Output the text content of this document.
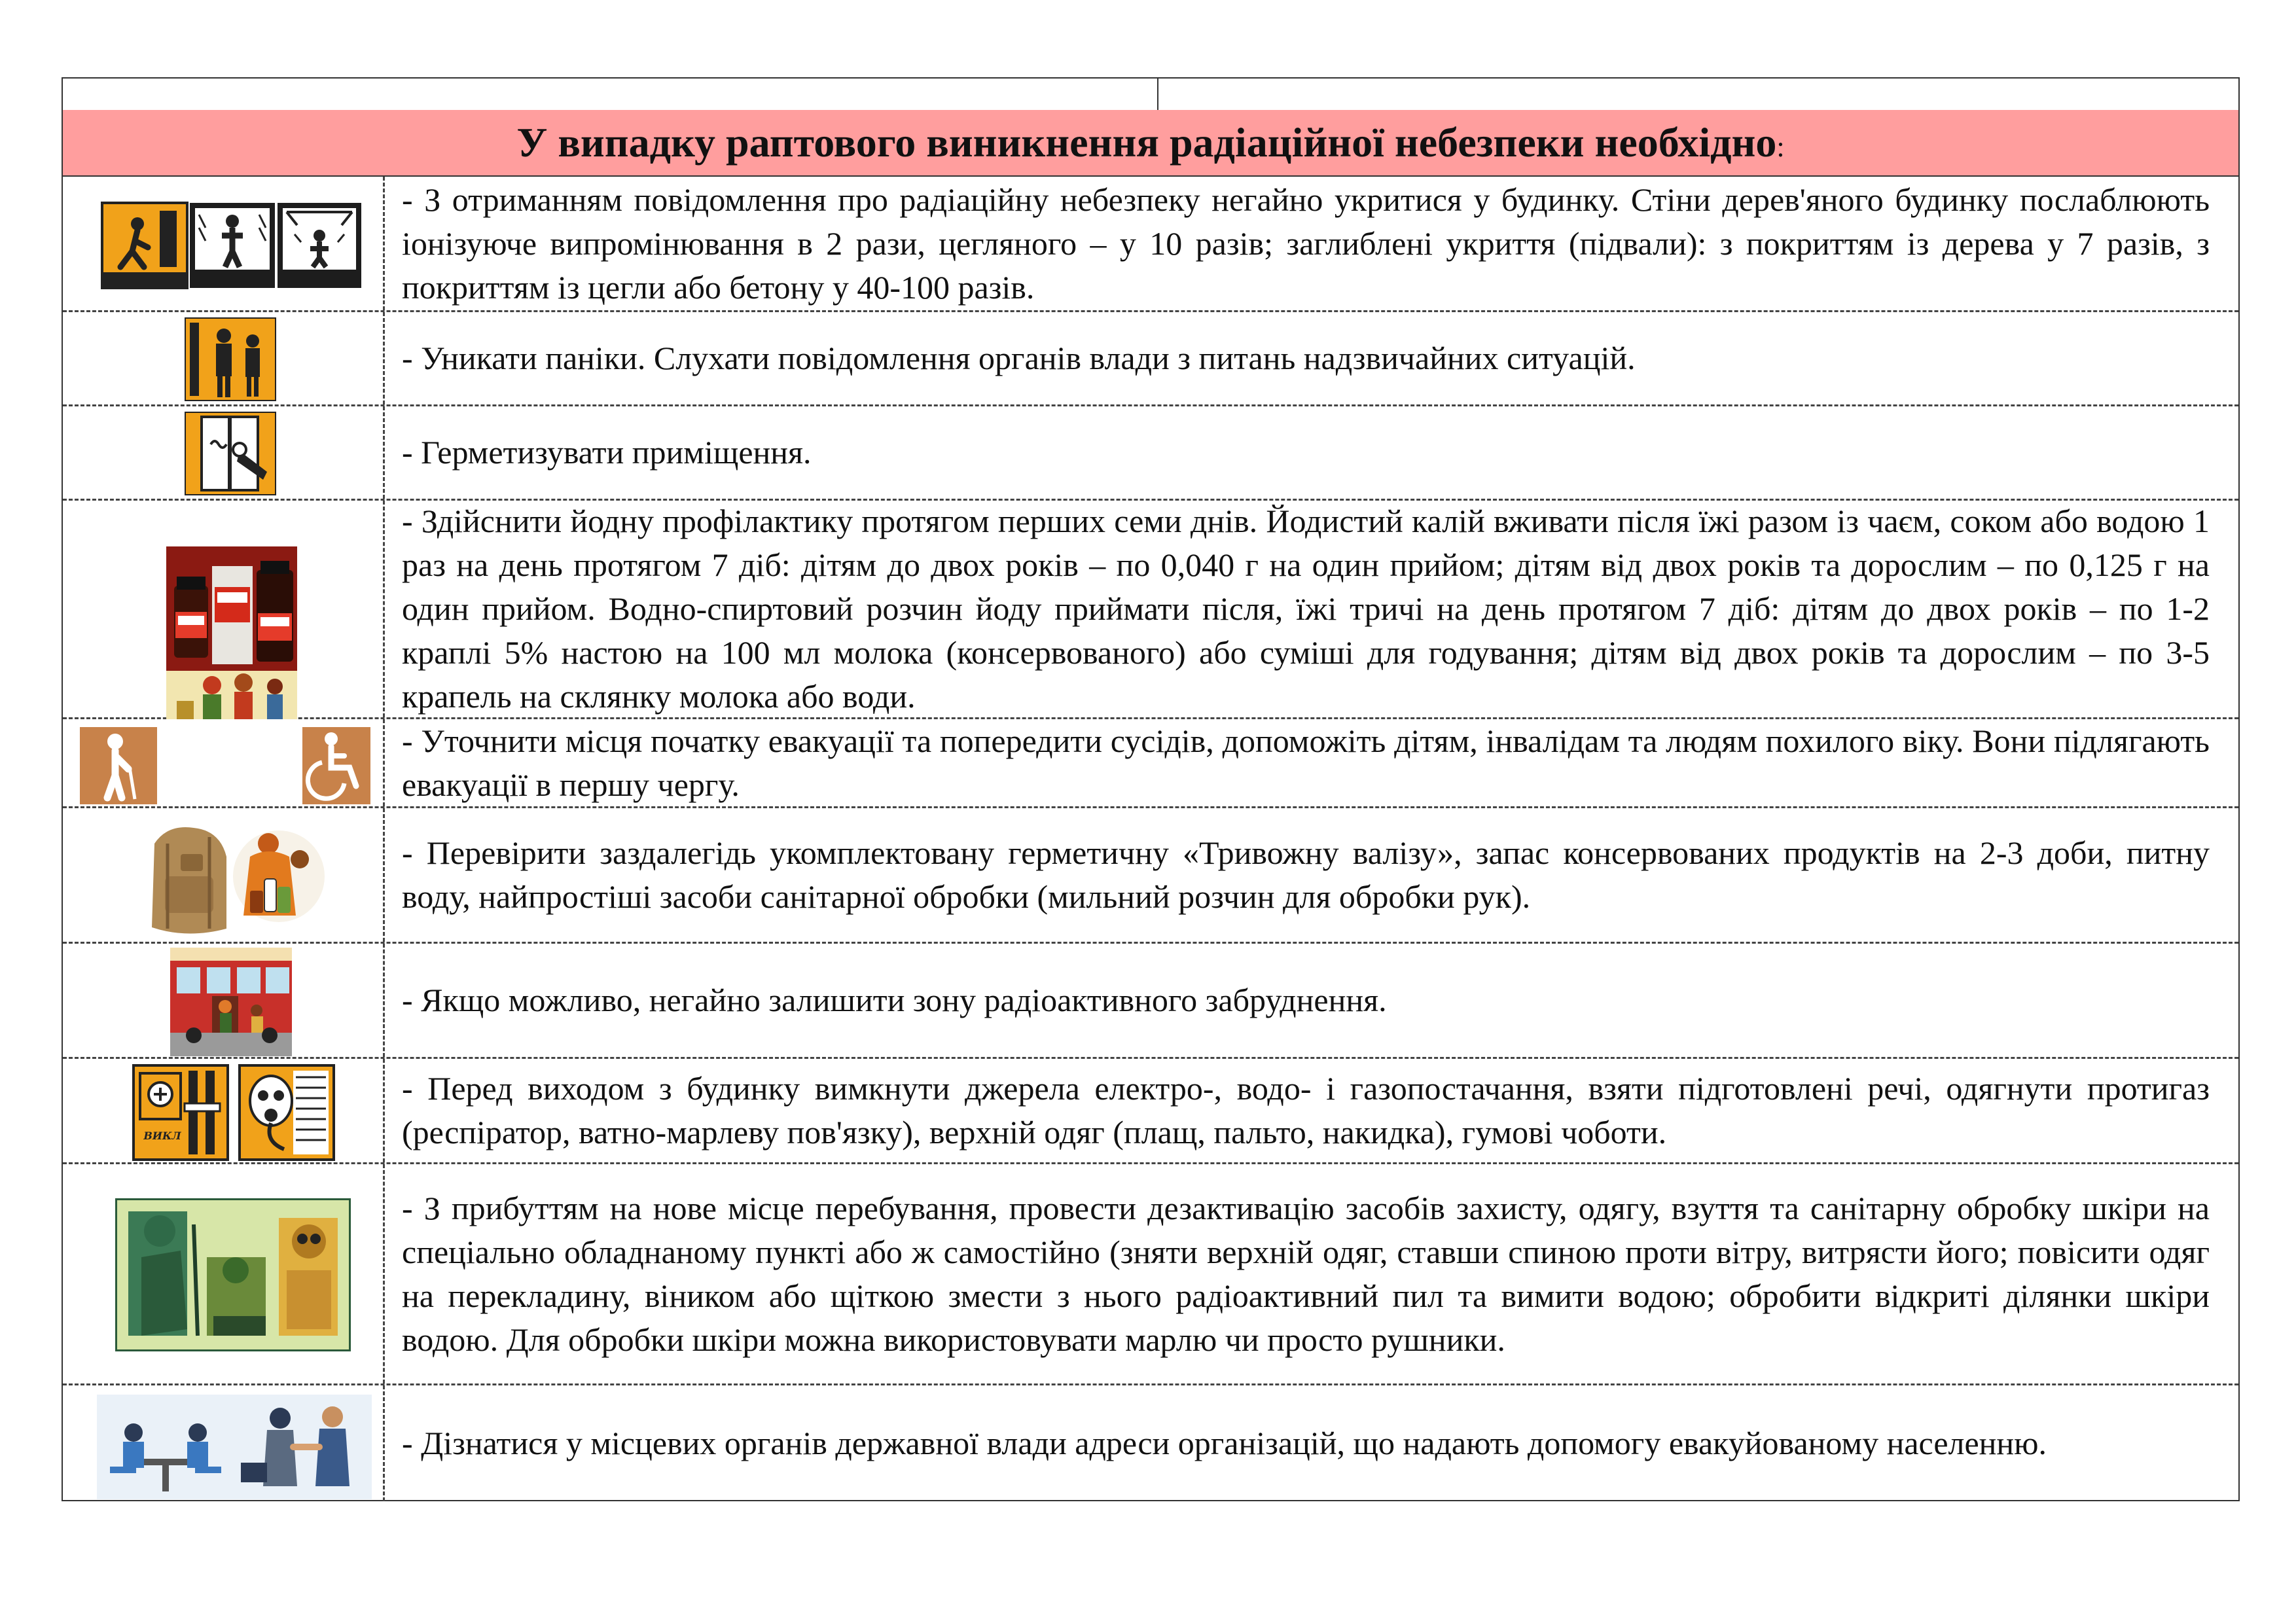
У випадку раптового виникнення радіаційної небезпеки необхідно:
- З отриманням повідомлення про радіаційну небезпеку негайно укритися у будинку. Стіни дерев'яного будинку послаблюють іонізуюче випромінювання в 2 рази, цегляного – у 10 разів; заглиблені укриття (підвали): з покриттям із дерева у 7 разів, з покриттям із цегли або бетону у 40-100 разів.
- Уникати паніки. Слухати повідомлення органів влади з питань надзвичайних ситуацій.
- Герметизувати приміщення.
- Здійснити йодну профілактику протягом перших семи днів. Йодистий калій вживати після їжі разом із чаєм, соком або водою 1 раз на день протягом 7 діб: дітям до двох років – по 0,040 г на один прийом; дітям від двох років та дорослим – по 0,125 г на один прийом. Водно-спиртовий розчин йоду приймати після, їжі тричі на день протягом 7 діб: дітям до двох років – по 1-2 краплі 5% настою на 100 мл молока (консервованого) або суміші для годування; дітям від двох років та дорослим – по 3-5 крапель на склянку молока або води.
- Уточнити місця початку евакуації та попередити сусідів, допоможіть дітям, інвалідам та людям похилого віку. Вони підлягають евакуації в першу чергу.
- Перевірити заздалегідь укомплектовану герметичну «Тривожну валізу», запас консервованих продуктів на 2-3 доби, питну воду, найпростіші засоби санітарної обробки (мильний розчин для обробки рук).
- Якщо можливо, негайно залишити зону радіоактивного забруднення.
ВИКЛ
- Перед виходом з будинку вимкнути джерела електро-, водо- і газопостачання, взяти підготовлені речі, одягнути протигаз (респіратор, ватно-марлеву пов'язку), верхній одяг (плащ, пальто, накидка), гумові чоботи.
- З прибуттям на нове місце перебування, провести дезактивацію засобів захисту, одягу, взуття та санітарну обробку шкіри на спеціально обладнаному пункті або ж самостійно (зняти верхній одяг, ставши спиною проти вітру, витрясти його; повісити одяг на перекладину, віником або щіткою змести з нього радіоактивний пил та вимити водою; обробити відкриті ділянки шкіри водою. Для обробки шкіри можна використовувати марлю чи просто рушники.
- Дізнатися у місцевих органів державної влади адреси організацій, що надають допомогу евакуйованому населенню.
